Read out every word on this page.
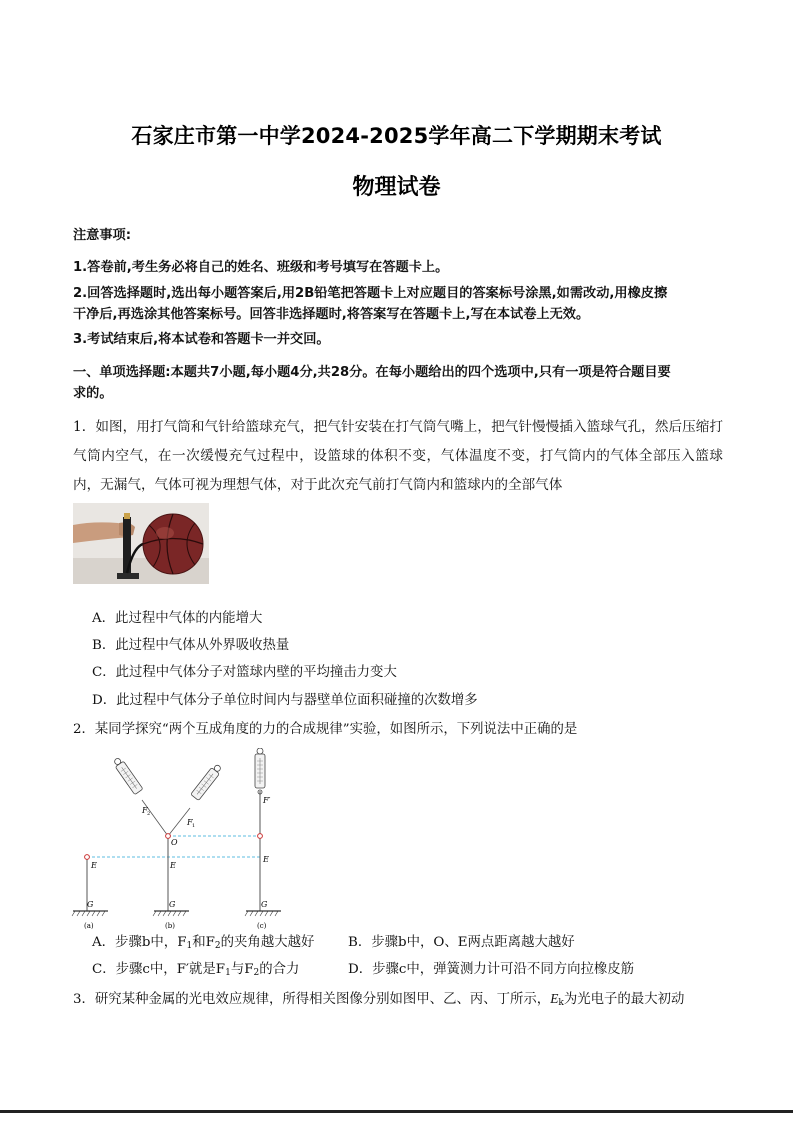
石家庄市第一中学2024-2025学年高二下学期期末考试
物理试卷
注意事项:
1.答卷前,考生务必将自己的姓名、班级和考号填写在答题卡上。
2.回答选择题时,选出每小题答案后,用2B铅笔把答题卡上对应题目的答案标号涂黑,如需改动,用橡皮擦
干净后,再选涂其他答案标号。回答非选择题时,将答案写在答题卡上,写在本试卷上无效。
3.考试结束后,将本试卷和答题卡一并交回。
一、单项选择题:本题共7小题,每小题4分,共28分。在每小题给出的四个选项中,只有一项是符合题目要
求的。
1．如图，用打气筒和气针给篮球充气，把气针安装在打气筒气嘴上，把气针慢慢插入篮球气孔，然后压缩打气筒内空气，在一次缓慢充气过程中，设篮球的体积不变，气体温度不变，打气筒内的气体全部压入篮球内，无漏气，气体可视为理想气体，对于此次充气前打气筒内和篮球内的全部气体
A．此过程中气体的内能增大
B．此过程中气体从外界吸收热量
C．此过程中气体分子对篮球内壁的平均撞击力变大
D．此过程中气体分子单位时间内与器壁单位面积碰撞的次数增多
2．某同学探究“两个互成角度的力的合成规律”实验，如图所示，下列说法中正确的是
E
G
E
O
G
F 2
F 1
F′
E
G
(a)	(b)	(c)
A．步骤b中，$F_1$和$F_2$的夹角越大越好	B．步骤b中，O、E两点距离越大越好
C．步骤c中，F′就是$F_1$与$F_2$的合力	D．步骤c中，弹簧测力计可沿不同方向拉橡皮筋
3．研究某种金属的光电效应规律，所得相关图像分别如图甲、乙、丙、丁所示，$E_k$为光电子的最大初动
